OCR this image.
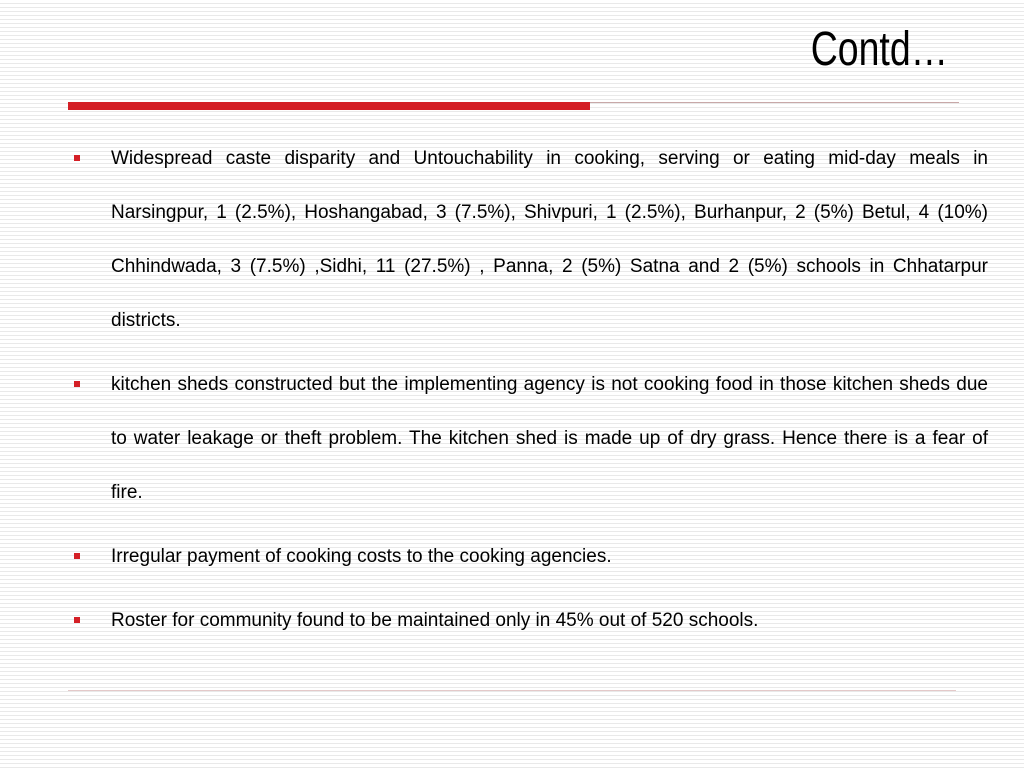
Contd…
Widespread caste disparity and Untouchability in cooking, serving or eating mid-day meals in Narsingpur, 1 (2.5%), Hoshangabad, 3 (7.5%), Shivpuri, 1 (2.5%), Burhanpur, 2 (5%) Betul, 4 (10%) Chhindwada, 3 (7.5%) ,Sidhi, 11 (27.5%) , Panna, 2 (5%) Satna and 2 (5%) schools in Chhatarpur districts.
kitchen sheds constructed but the implementing agency is not cooking food in those kitchen sheds due to water leakage or theft problem. The kitchen shed is made up of dry grass. Hence there is a fear of fire.
Irregular payment of cooking costs to the cooking agencies.
Roster for community found to be maintained only in 45% out of 520 schools.
